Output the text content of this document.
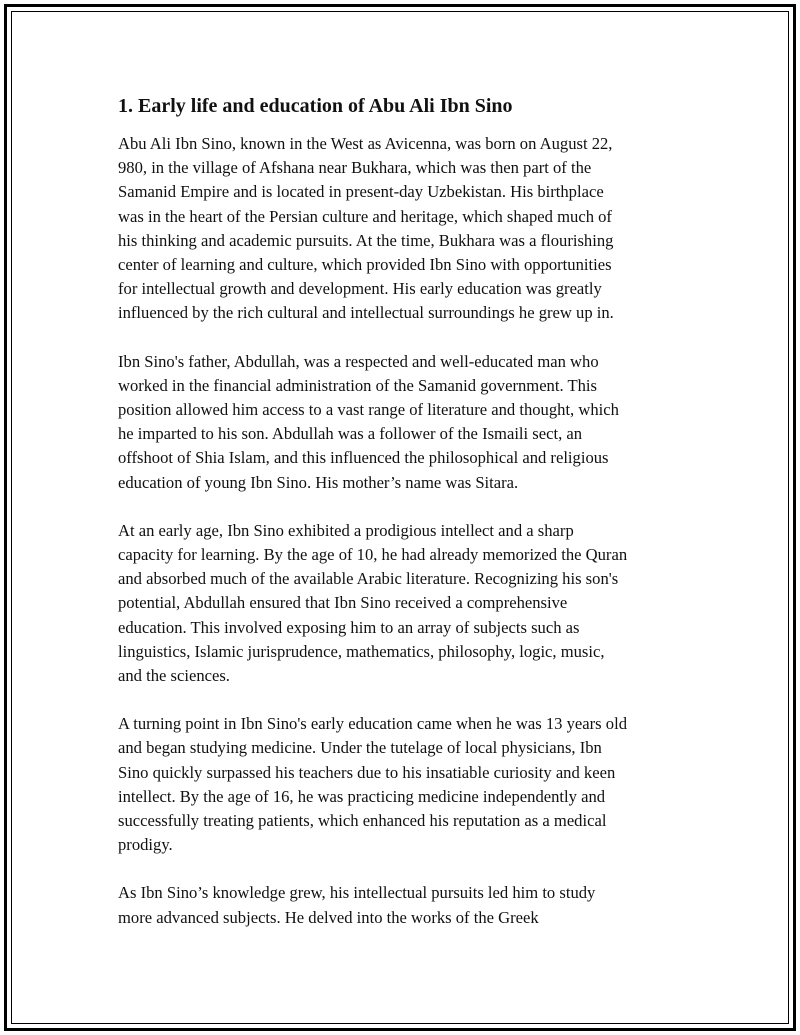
1. Early life and education of Abu Ali Ibn Sino

Abu Ali Ibn Sino, known in the West as Avicenna, was born on August 22,
980, in the village of Afshana near Bukhara, which was then part of the
Samanid Empire and is located in present-day Uzbekistan. His birthplace
was in the heart of the Persian culture and heritage, which shaped much of
his thinking and academic pursuits. At the time, Bukhara was a flourishing
center of learning and culture, which provided Ibn Sino with opportunities
for intellectual growth and development. His early education was greatly
influenced by the rich cultural and intellectual surroundings he grew up in.

Ibn Sino's father, Abdullah, was a respected and well-educated man who
worked in the financial administration of the Samanid government. This
position allowed him access to a vast range of literature and thought, which
he imparted to his son. Abdullah was a follower of the Ismaili sect, an
offshoot of Shia Islam, and this influenced the philosophical and religious
education of young Ibn Sino. His mother’s name was Sitara.

At an early age, Ibn Sino exhibited a prodigious intellect and a sharp
capacity for learning. By the age of 10, he had already memorized the Quran
and absorbed much of the available Arabic literature. Recognizing his son's
potential, Abdullah ensured that Ibn Sino received a comprehensive
education. This involved exposing him to an array of subjects such as
linguistics, Islamic jurisprudence, mathematics, philosophy, logic, music,
and the sciences.

A turning point in Ibn Sino's early education came when he was 13 years old
and began studying medicine. Under the tutelage of local physicians, Ibn
Sino quickly surpassed his teachers due to his insatiable curiosity and keen
intellect. By the age of 16, he was practicing medicine independently and
successfully treating patients, which enhanced his reputation as a medical
prodigy.

As Ibn Sino’s knowledge grew, his intellectual pursuits led him to study
more advanced subjects. He delved into the works of the Greek
